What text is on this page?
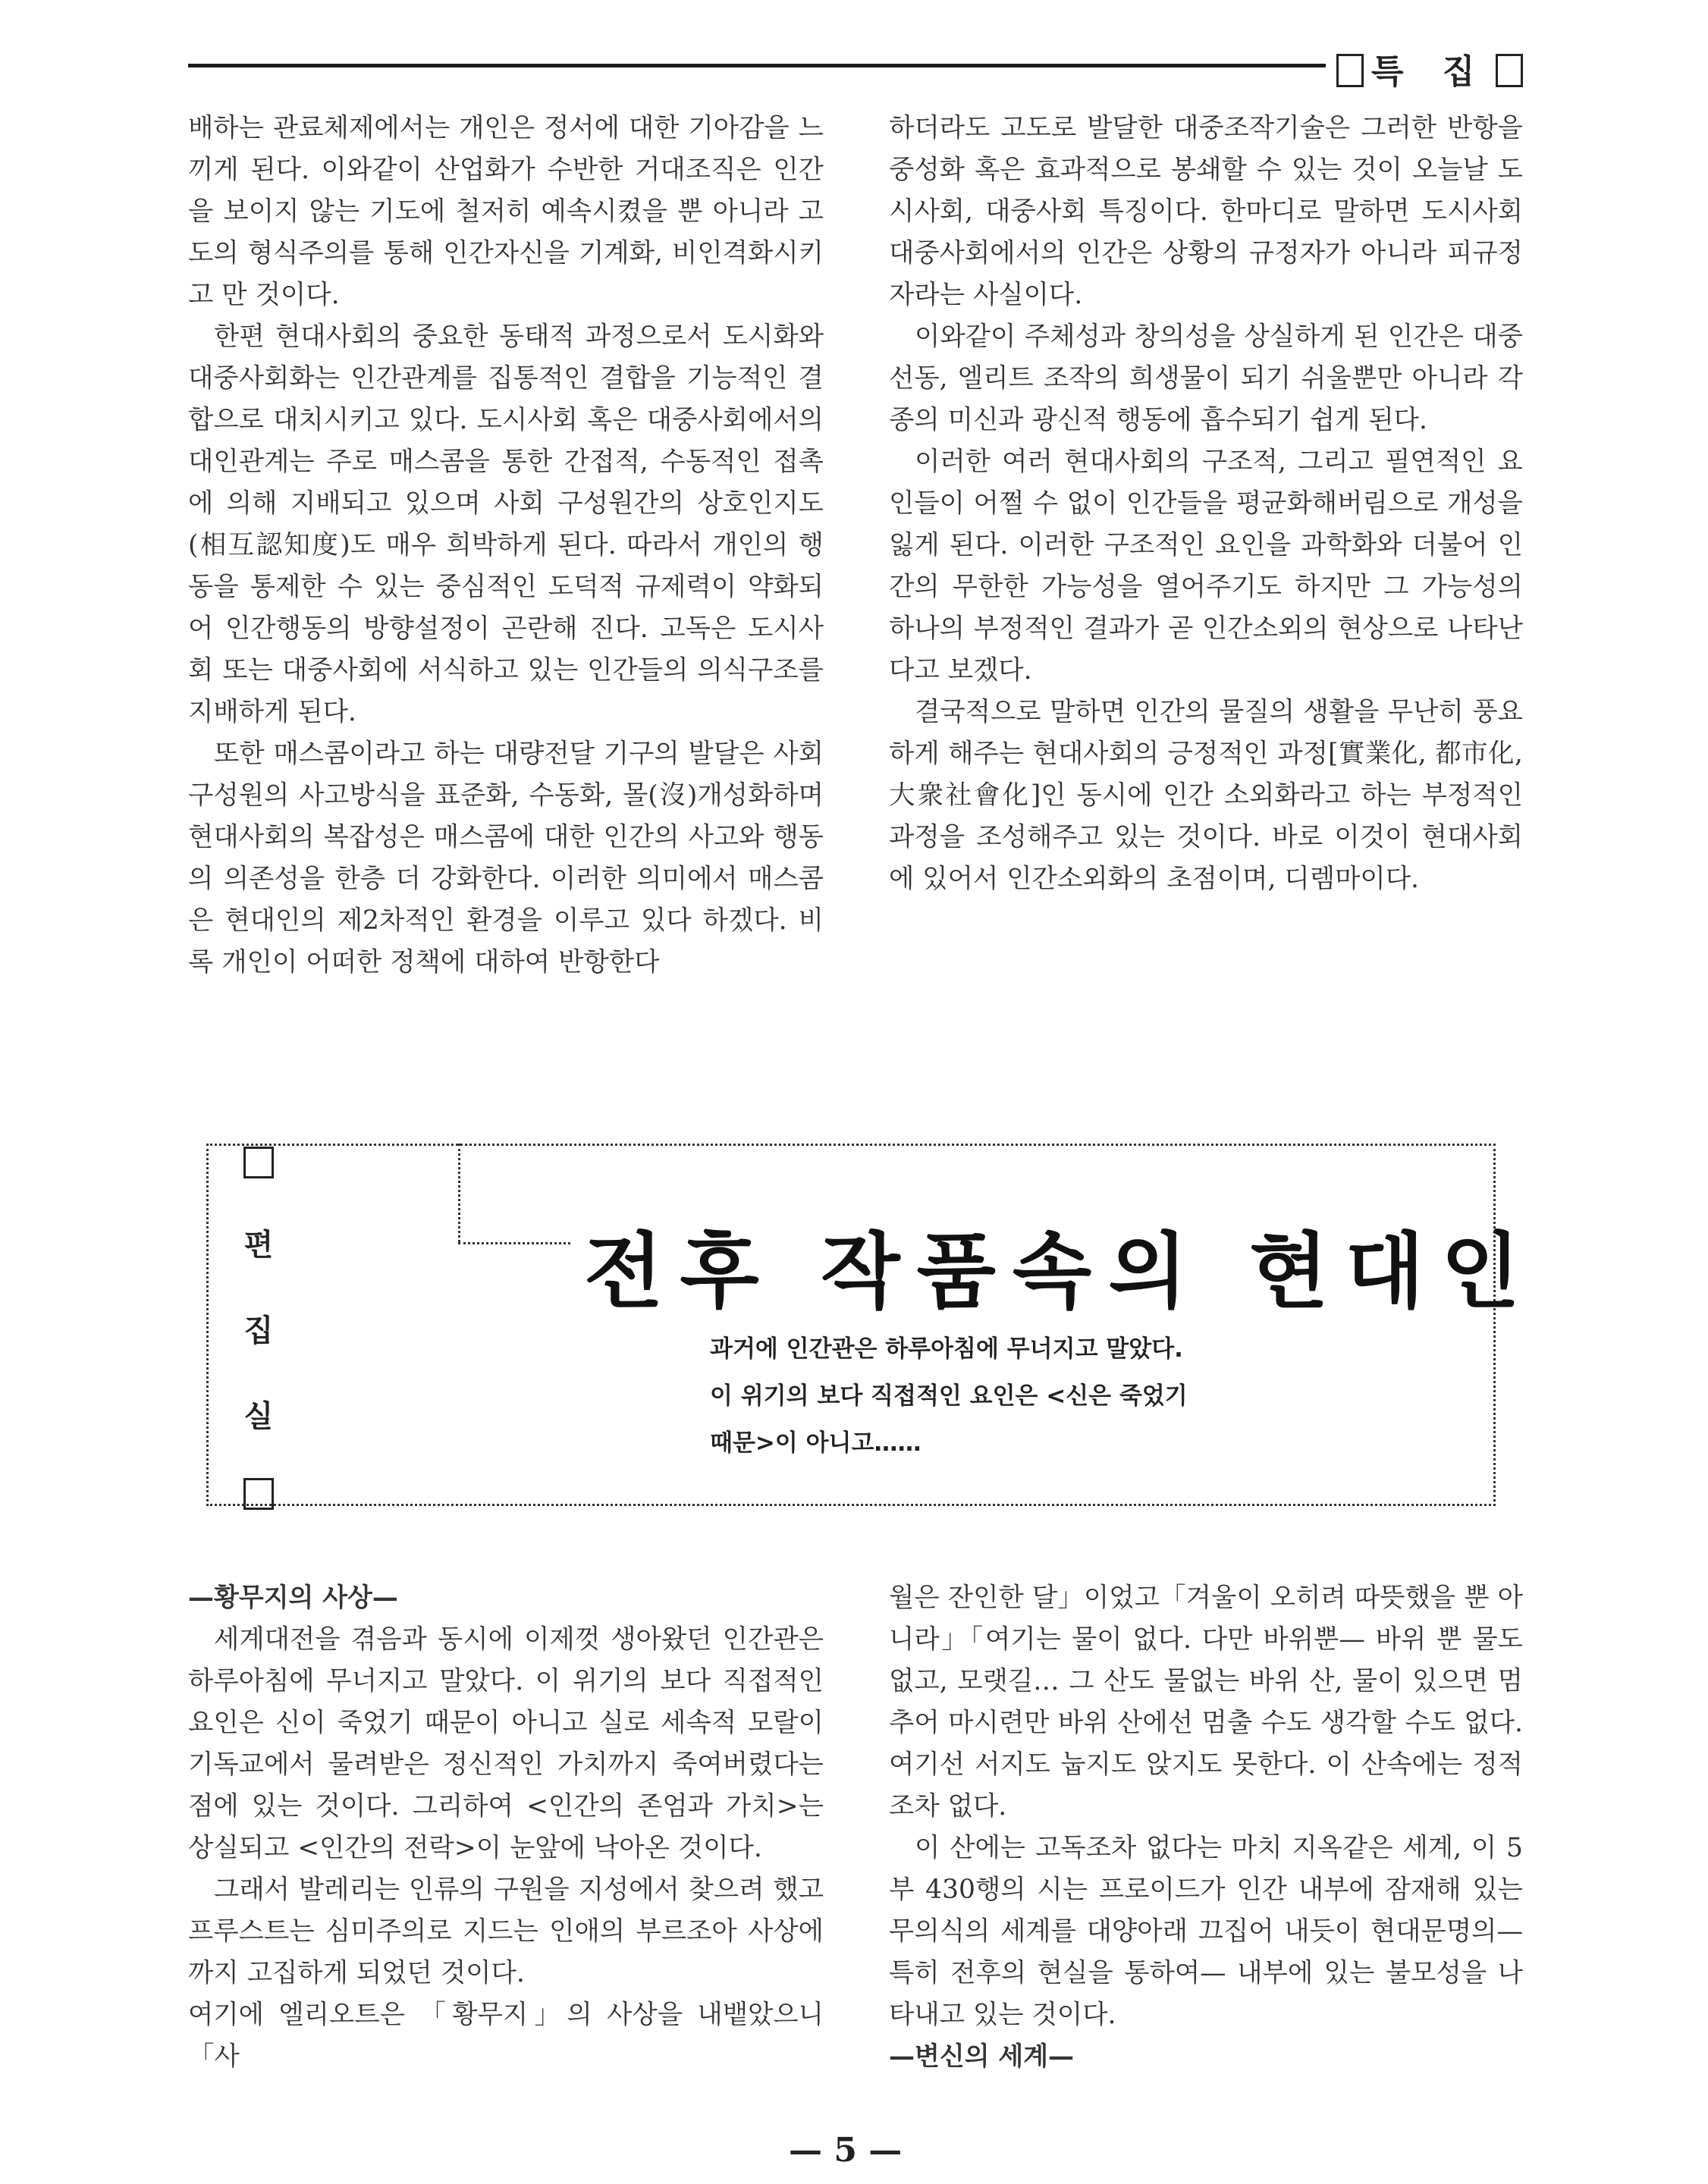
특 집

배하는 관료체제에서는 개인은 정서에 대한 기아감을 느끼게 된다. 이와같이 산업화가 수반한 거대조직은 인간을 보이지 않는 기도에 철저히 예속시켰을 뿐 아니라 고도의 형식주의를 통해 인간자신을 기계화, 비인격화시키고 만 것이다.

한편 현대사회의 중요한 동태적 과정으로서 도시화와 대중사회화는 인간관계를 집통적인 결합을 기능적인 결합으로 대치시키고 있다. 도시사회 혹은 대중사회에서의 대인관계는 주로 매스콤을 통한 간접적, 수동적인 접촉에 의해 지배되고 있으며 사회 구성원간의 상호인지도(相互認知度)도 매우 희박하게 된다. 따라서 개인의 행동을 통제한 수 있는 중심적인 도덕적 규제력이 약화되어 인간행동의 방향설정이 곤란해 진다. 고독은 도시사회 또는 대중사회에 서식하고 있는 인간들의 의식구조를 지배하게 된다.

또한 매스콤이라고 하는 대량전달 기구의 발달은 사회구성원의 사고방식을 표준화, 수동화, 몰(沒)개성화하며 현대사회의 복잡성은 매스콤에 대한 인간의 사고와 행동의 의존성을 한층 더 강화한다. 이러한 의미에서 매스콤은 현대인의 제2차적인 환경을 이루고 있다 하겠다. 비록 개인이 어떠한 정책에 대하여 반항한다

하더라도 고도로 발달한 대중조작기술은 그러한 반항을 중성화 혹은 효과적으로 봉쇄할 수 있는 것이 오늘날 도시사회, 대중사회 특징이다. 한마디로 말하면 도시사회 대중사회에서의 인간은 상황의 규정자가 아니라 피규정자라는 사실이다.

이와같이 주체성과 창의성을 상실하게 된 인간은 대중선동, 엘리트 조작의 희생물이 되기 쉬울뿐만 아니라 각종의 미신과 광신적 행동에 흡수되기 쉽게 된다.

이러한 여러 현대사회의 구조적, 그리고 필연적인 요인들이 어쩔 수 없이 인간들을 평균화해버림으로 개성을 잃게 된다. 이러한 구조적인 요인을 과학화와 더불어 인간의 무한한 가능성을 열어주기도 하지만 그 가능성의 하나의 부정적인 결과가 곧 인간소외의 현상으로 나타난다고 보겠다.

결국적으로 말하면 인간의 물질의 생활을 무난히 풍요하게 해주는 현대사회의 긍정적인 과정[實業化, 都市化, 大衆社會化]인 동시에 인간 소외화라고 하는 부정적인 과정을 조성해주고 있는 것이다. 바로 이것이 현대사회에 있어서 인간소외화의 초점이며, 디렘마이다.

편
집
실
전후 작품속의 현대인
과거에 인간관은 하루아침에 무너지고 말았다.
이 위기의 보다 직접적인 요인은 <신은 죽었기
때문>이 아니고……
—황무지의 사상—

세계대전을 겪음과 동시에 이제껏 생아왔던 인간관은 하루아침에 무너지고 말았다. 이 위기의 보다 직접적인 요인은 신이 죽었기 때문이 아니고 실로 세속적 모랄이 기독교에서 물려받은 정신적인 가치까지 죽여버렸다는 점에 있는 것이다. 그리하여 <인간의 존엄과 가치>는 상실되고 <인간의 전락>이 눈앞에 낙아온 것이다.

그래서 발레리는 인류의 구원을 지성에서 찾으려 했고 프루스트는 심미주의로 지드는 인애의 부르조아 사상에 까지 고집하게 되었던 것이다.

여기에 엘리오트은 「황무지」의 사상을 내뱉았으니 「사

월은 잔인한 달」이었고「겨울이 오히려 따뜻했을 뿐 아니라」「여기는 물이 없다. 다만 바위뿐— 바위 뿐 물도 없고, 모랫길… 그 산도 물없는 바위 산, 물이 있으면 멈추어 마시련만 바위 산에선 멈출 수도 생각할 수도 없다. 여기선 서지도 눕지도 앉지도 못한다. 이 산속에는 정적조차 없다.

이 산에는 고독조차 없다는 마치 지옥같은 세계, 이 5부 430행의 시는 프로이드가 인간 내부에 잠재해 있는 무의식의 세계를 대양아래 끄집어 내듯이 현대문명의— 특히 전후의 현실을 통하여— 내부에 있는 불모성을 나타내고 있는 것이다.

—변신의 세계—
— 5 —
